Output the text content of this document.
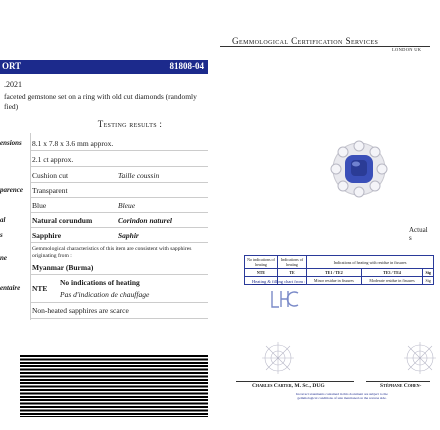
ORT	81808-04
.2021
faceted gemstone set on a ring with old cut diamonds (randomly
fied)
Testing results :
ensions 8.1 x 7.8 x 3.6 mm approx.
2.1 ct approx.
Cushion cut	Taille coussin
parence Transparent
Blue	Bleue
al	Natural corundum	Corindon naturel
s	Sapphire	Saphir
Gemmological characteristics of this item are consistent with sapphires originating from :
ne
Myanmar (Burma)
entaire NTE
No indications of heating
Pas d'indication de chauffage
Non-heated sapphires are scarce
Gemmological Certification Services
LONDON UK
Actual s
No indications of heating	Indications of heating	Indications of heating with residue in fissures		
NTE	TE	TE1 / TE2	TE3 / TE4	Sig
		Minor residue in fissures	Moderate residue in fissures	Sig
Heating & filling chart from :
Charles Carter, M. Sc., DUG	Stéphane Cohen-
Incorrect statements contained in this document are subject to the gemmological conditions of sale mentioned on the reverse side.
